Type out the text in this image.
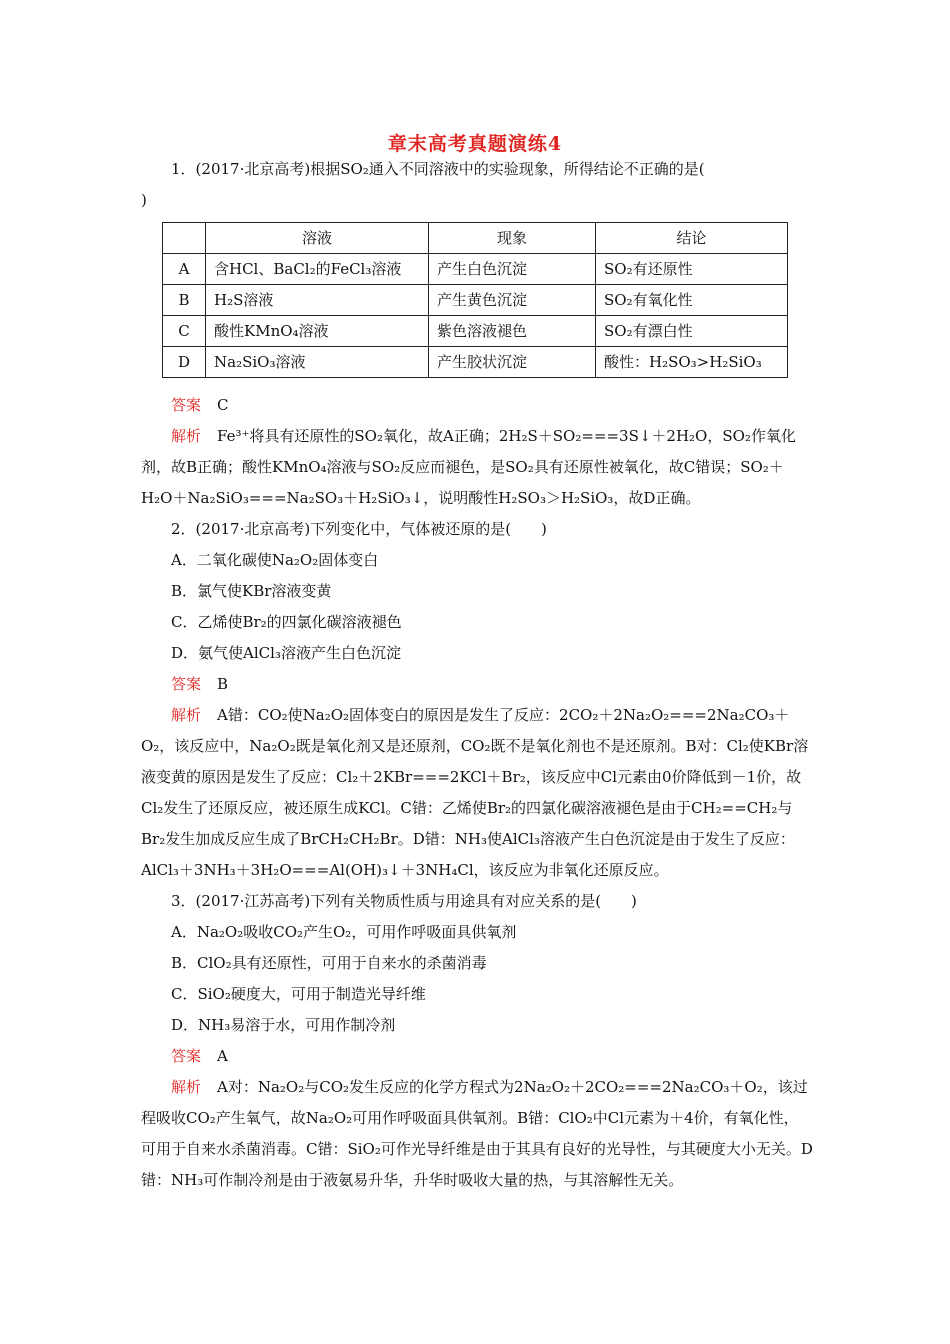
章末高考真题演练4

1．(2017·北京高考)根据SO₂通入不同溶液中的实验现象，所得结论不正确的是(

)

	溶液	现象	结论
A	含HCl、BaCl₂的FeCl₃溶液	产生白色沉淀	SO₂有还原性
B	H₂S溶液	产生黄色沉淀	SO₂有氧化性
C	酸性KMnO₄溶液	紫色溶液褪色	SO₂有漂白性
D	Na₂SiO₃溶液	产生胶状沉淀	酸性：H₂SO₃>H₂SiO₃

答案 C

解析 Fe³⁺将具有还原性的SO₂氧化，故A正确；2H₂S＋SO₂===3S↓＋2H₂O，SO₂作氧化剂，故B正确；酸性KMnO₄溶液与SO₂反应而褪色，是SO₂具有还原性被氧化，故C错误；SO₂＋H₂O＋Na₂SiO₃===Na₂SO₃＋H₂SiO₃↓，说明酸性H₂SO₃＞H₂SiO₃，故D正确。

2．(2017·北京高考)下列变化中，气体被还原的是(　　)

A．二氧化碳使Na₂O₂固体变白

B．氯气使KBr溶液变黄

C．乙烯使Br₂的四氯化碳溶液褪色

D．氨气使AlCl₃溶液产生白色沉淀

答案 B

解析 A错：CO₂使Na₂O₂固体变白的原因是发生了反应：2CO₂＋2Na₂O₂===2Na₂CO₃＋O₂，该反应中，Na₂O₂既是氧化剂又是还原剂，CO₂既不是氧化剂也不是还原剂。B对：Cl₂使KBr溶液变黄的原因是发生了反应：Cl₂＋2KBr===2KCl＋Br₂，该反应中Cl元素由0价降低到－1价，故Cl₂发生了还原反应，被还原生成KCl。C错：乙烯使Br₂的四氯化碳溶液褪色是由于CH₂==CH₂与Br₂发生加成反应生成了BrCH₂CH₂Br。D错：NH₃使AlCl₃溶液产生白色沉淀是由于发生了反应：AlCl₃＋3NH₃＋3H₂O===Al(OH)₃↓＋3NH₄Cl，该反应为非氧化还原反应。

3．(2017·江苏高考)下列有关物质性质与用途具有对应关系的是(　　)

A．Na₂O₂吸收CO₂产生O₂，可用作呼吸面具供氧剂

B．ClO₂具有还原性，可用于自来水的杀菌消毒

C．SiO₂硬度大，可用于制造光导纤维

D．NH₃易溶于水，可用作制冷剂

答案 A

解析 A对：Na₂O₂与CO₂发生反应的化学方程式为2Na₂O₂＋2CO₂===2Na₂CO₃＋O₂，该过程吸收CO₂产生氧气，故Na₂O₂可用作呼吸面具供氧剂。B错：ClO₂中Cl元素为＋4价，有氧化性，可用于自来水杀菌消毒。C错：SiO₂可作光导纤维是由于其具有良好的光导性，与其硬度大小无关。D错：NH₃可作制冷剂是由于液氨易升华，升华时吸收大量的热，与其溶解性无关。
